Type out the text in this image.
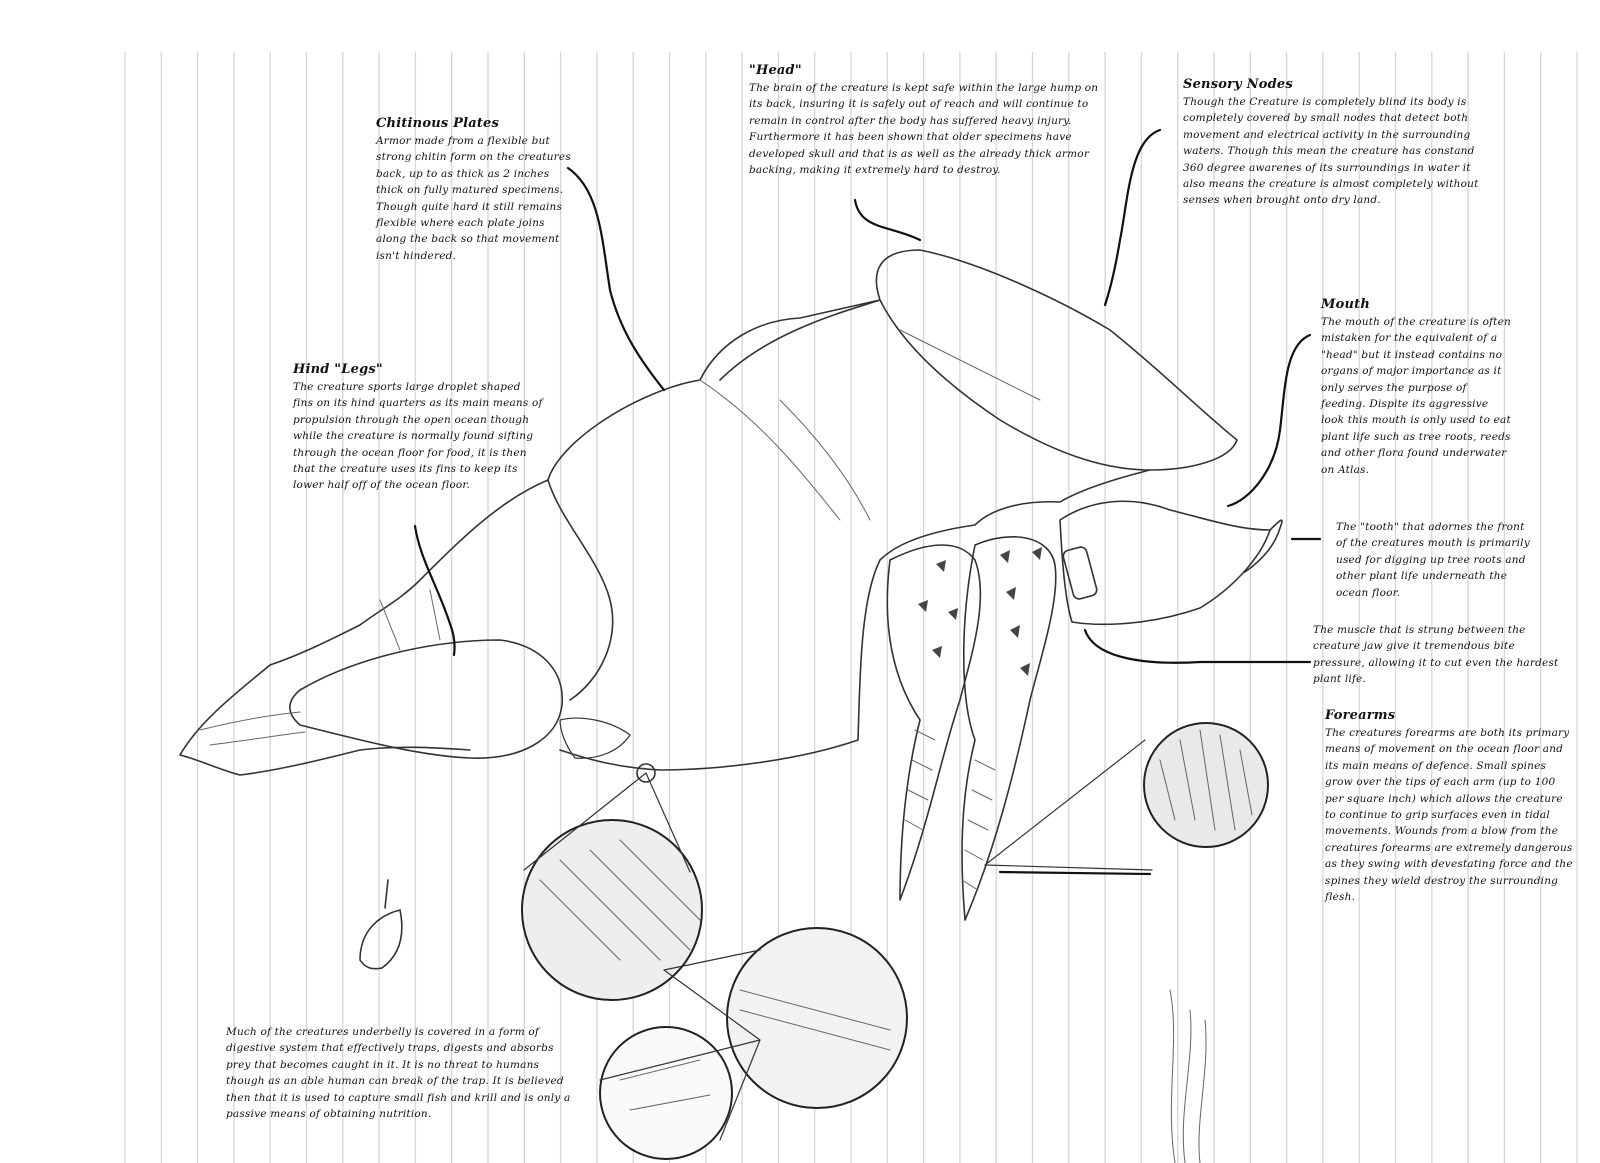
Chitinous Plates

Armor made from a flexible but strong chitin form on the creatures back, up to as thick as 2 inches thick on fully matured specimens. Though quite hard it still remains flexible where each plate joins along the back so that movement isn't hindered.

"Head"

The brain of the creature is kept safe within the large hump on its back, insuring it is safely out of reach and will continue to remain in control after the body has suffered heavy injury. Furthermore it has been shown that older specimens have developed skull and that is as well as the already thick armor backing, making it extremely hard to destroy.

Sensory Nodes

Though the Creature is completely blind its body is completely covered by small nodes that detect both movement and electrical activity in the surrounding waters. Though this mean the creature has constand 360 degree awarenes of its surroundings in water it also means the creature is almost completely without senses when brought onto dry land.

Mouth

The mouth of the creature is often mistaken for the equivalent of a "head" but it instead contains no organs of major importance as it only serves the purpose of feeding. Dispite its aggressive look this mouth is only used to eat plant life such as tree roots, reeds and other flora found underwater on Atlas.

The "tooth" that adornes the front of the creatures mouth is primarily used for digging up tree roots and other plant life underneath the ocean floor.

The muscle that is strung between the creature jaw give it tremendous bite pressure, allowing it to cut even the hardest plant life.

Forearms

The creatures forearms are both its primary means of movement on the ocean floor and its main means of defence. Small spines grow over the tips of each arm (up to 100 per square inch) which allows the creature to continue to grip surfaces even in tidal movements. Wounds from a blow from the creatures forearms are extremely dangerous as they swing with devestating force and the spines they wield destroy the surrounding flesh.

Hind "Legs"

The creature sports large droplet shaped fins on its hind quarters as its main means of propulsion through the open ocean though while the creature is normally found sifting through the ocean floor for food, it is then that the creature uses its fins to keep its lower half off of the ocean floor.

Much of the creatures underbelly is covered in a form of digestive system that effectively traps, digests and absorbs prey that becomes caught in it. It is no threat to humans though as an able human can break of the trap. It is believed then that it is used to capture small fish and krill and is only a passive means of obtaining nutrition.
